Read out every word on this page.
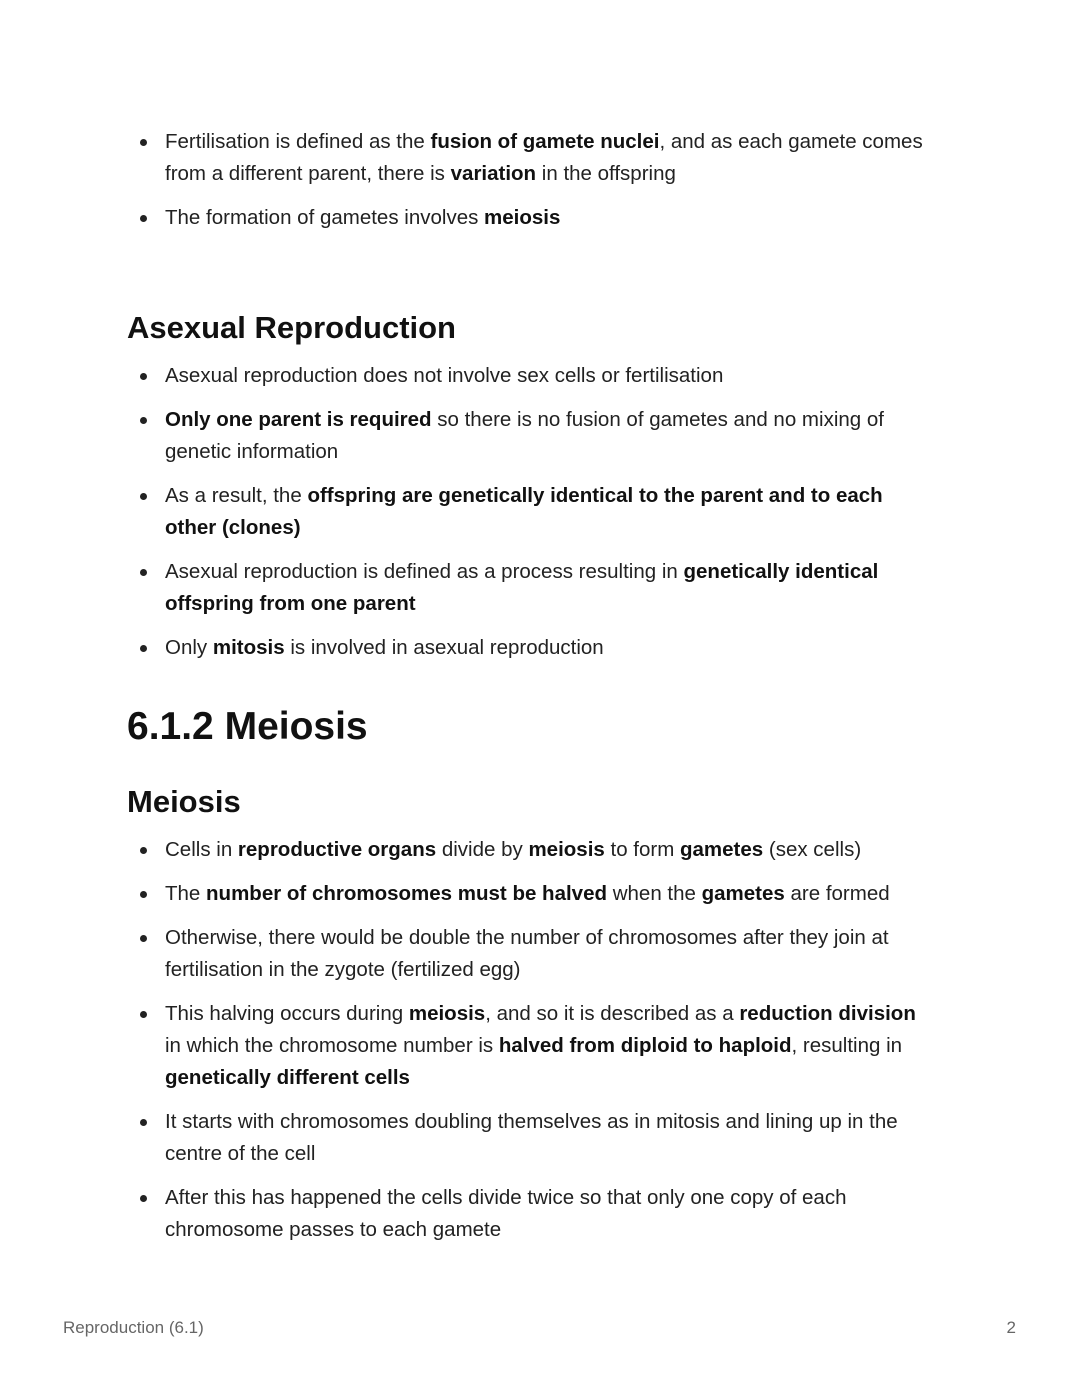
Fertilisation is defined as the fusion of gamete nuclei, and as each gamete comes from a different parent, there is variation in the offspring
The formation of gametes involves meiosis
Asexual Reproduction
Asexual reproduction does not involve sex cells or fertilisation
Only one parent is required so there is no fusion of gametes and no mixing of genetic information
As a result, the offspring are genetically identical to the parent and to each other (clones)
Asexual reproduction is defined as a process resulting in genetically identical offspring from one parent
Only mitosis is involved in asexual reproduction
6.1.2 Meiosis
Meiosis
Cells in reproductive organs divide by meiosis to form gametes (sex cells)
The number of chromosomes must be halved when the gametes are formed
Otherwise, there would be double the number of chromosomes after they join at fertilisation in the zygote (fertilized egg)
This halving occurs during meiosis, and so it is described as a reduction division in which the chromosome number is halved from diploid to haploid, resulting in genetically different cells
It starts with chromosomes doubling themselves as in mitosis and lining up in the centre of the cell
After this has happened the cells divide twice so that only one copy of each chromosome passes to each gamete
Reproduction (6.1)	2
